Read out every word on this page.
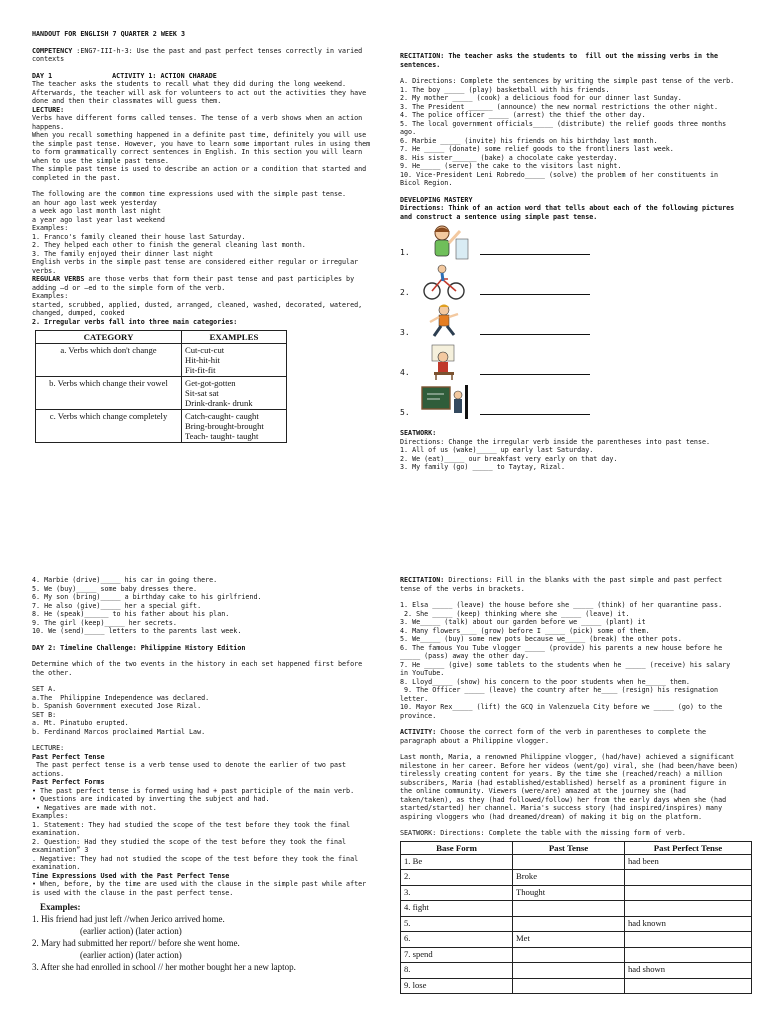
HANDOUT FOR ENGLISH 7 QUARTER 2 WEEK 3
COMPETENCY :ENG7-III-h-3: Use the past and past perfect tenses correctly in varied contexts
DAY 1	ACTIVITY 1: ACTION CHARADE
The teacher asks the students to recall what they did during the long weekend. Afterwards, the teacher will ask for volunteers to act out the activities they have done and then their classmates will guess them.
LECTURE:
Verbs have different forms called tenses. The tense of a verb shows when an action happens.
When you recall something happened in a definite past time, definitely you will use the simple past tense. However, you have to learn some important rules in using them to form grammatically correct sentences in English. In this section you will learn when to use the simple past tense.
The simple past tense is used to describe an action or a condition that started and completed in the past.
The following are the common time expressions used with the simple past tense.
an hour ago last week yesterday
a week ago last month last night
a year ago last year last weekend
Examples:
1. Franco's family cleaned their house last Saturday.
2. They helped each other to finish the general cleaning last month.
3. The family enjoyed their dinner last night
English verbs in the simple past tense are considered either regular or irregular verbs.
REGULAR VERBS are those verbs that form their past tense and past participles by adding –d or –ed to the simple form of the verb.
Examples:
started, scrubbed, applied, dusted, arranged, cleaned, washed, decorated, watered, changed, dumped, cooked
2. Irregular verbs fall into three main categories:
CATEGORY	EXAMPLES
a. Verbs which don't change	Cut-cut-cut
Hit-hit-hit
Fit-fit-fit

b. Verbs which change their vowel	Get-got-gotten
Sit-sat sat
Drink-drank- drunk

c. Verbs which change completely	Catch-caught- caught
Bring-brought-brought
Teach- taught- taught
RECITATION: The teacher asks the students to  fill out the missing verbs in the sentences.
A. Directions: Complete the sentences by writing the simple past tense of the verb.
1. The boy _____ (play) basketball with his friends.
2. My mother _____ (cook) a delicious food for our dinner last Sunday.
3. The President ______ (announce) the new normal restrictions the other night.
4. The police officer _____ (arrest) the thief the other day.
5. The local government officials_____ (distribute) the relief goods three months ago.
6. Marbie _____ (invite) his friends on his birthday last month.
7. He _____ (donate) some relief goods to the frontliners last week.
8. His sister______ (bake) a chocolate cake yesterday.
9. He_____ (serve) the cake to the visitors last night.
10. Vice-President Leni Robredo_____ (solve) the problem of her constituents in Bicol Region.
DEVELOPING MASTERY
Directions: Think of an action word that tells about each of the following pictures and construct a sentence using simple past tense.
1.
2.
3.
4.
5.
SEATWORK:
Directions: Change the irregular verb inside the parentheses into past tense.
1. All of us (wake)_____ up early last Saturday.
2. We (eat)_____ our breakfast very early on that day.
3. My family (go) _____ to Taytay, Rizal.
4. Marbie (drive)_____ his car in going there.
5. We (buy)_____ some baby dresses there.
6. My son (bring)_____ a birthday cake to his girlfriend.
7. He also (give)_____ her a special gift.
8. He (speak)______ to his father about his plan.
9. The girl (keep)_____ her secrets.
10. We (send)_____ letters to the parents last week.
DAY 2: Timeline Challenge: Philippine History Edition
Determine which of the two events in the history in each set happened first before the other.
SET A.
a.The  Philippine Independence was declared.
b. Spanish Government executed Jose Rizal.
SET B:
a. Mt. Pinatubo erupted.
b. Ferdinand Marcos proclaimed Martial Law.
LECTURE:
Past Perfect Tense
The past perfect tense is a verb tense used to denote the earlier of two past actions.
Past Perfect Forms
• The past perfect tense is formed using had + past participle of the main verb.
• Questions are indicated by inverting the subject and had.
• Negatives are made with not.
Examples:
1. Statement: They had studied the scope of the test before they took the final examination.
2. Question: Had they studied the scope of the test before they took the final examination” 3
. Negative: They had not studied the scope of the test before they took the final examination.
Time Expressions Used with the Past Perfect Tense
• When, before, by the time are used with the clause in the simple past while after is used with the clause in the past perfect tense.
Examples:
1. His friend had just left //when Jerico arrived home.
(earlier action) (later action)
2. Mary had submitted her report// before she went home.
(earlier action) (later action)
3. After she had enrolled in school // her mother bought her a new laptop.
RECITATION: Directions: Fill in the blanks with the past simple and past perfect tense of the verbs in brackets.
1. Elsa _____ (leave) the house before she _____ (think) of her quarantine pass.
2. She _____ (keep) thinking where she _____ (leave) it.
3. We_____ (talk) about our garden before we _____ (plant) it
4. Many flowers____ (grow) before I _____ (pick) some of them.
5. We_____ (buy) some new pots because we_____ (break) the other pots.
6. The famous You Tube vlogger _____ (provide) his parents a new house before he _____ (pass) away the other day.
7. He _____ (give) some tablets to the students when he _____ (receive) his salary in YouTube.
8. Lloyd_____ (show) his concern to the poor students when he_____ them.
9. The Officer _____ (leave) the country after he____ (resign) his resignation letter.
10. Mayor Rex_____ (lift) the GCQ in Valenzuela City before we _____ (go) to the province.
ACTIVITY: Choose the correct form of the verb in parentheses to complete the paragraph about a Philippine vlogger.
Last month, Maria, a renowned Philippine vlogger, (had/have) achieved a significant milestone in her career. Before her videos (went/go) viral, she (had been/have been) tirelessly creating content for years. By the time she (reached/reach) a million subscribers, Maria (had established/established) herself as a prominent figure in the online community. Viewers (were/are) amazed at the journey she (had taken/taken), as they (had followed/follow) her from the early days when she (had started/started) her channel. Maria's success story (had inspired/inspires) many aspiring vloggers who (had dreamed/dream) of making it big on the platform.
SEATWORK: Directions: Complete the table with the missing form of verb.
Base Form	Past Tense	Past Perfect Tense
1. Be		had been
2.	Broke	
3.	Thought	
4. fight		
5.		had known
6.	Met	
7. spend		
8.		had shown
9. lose		
